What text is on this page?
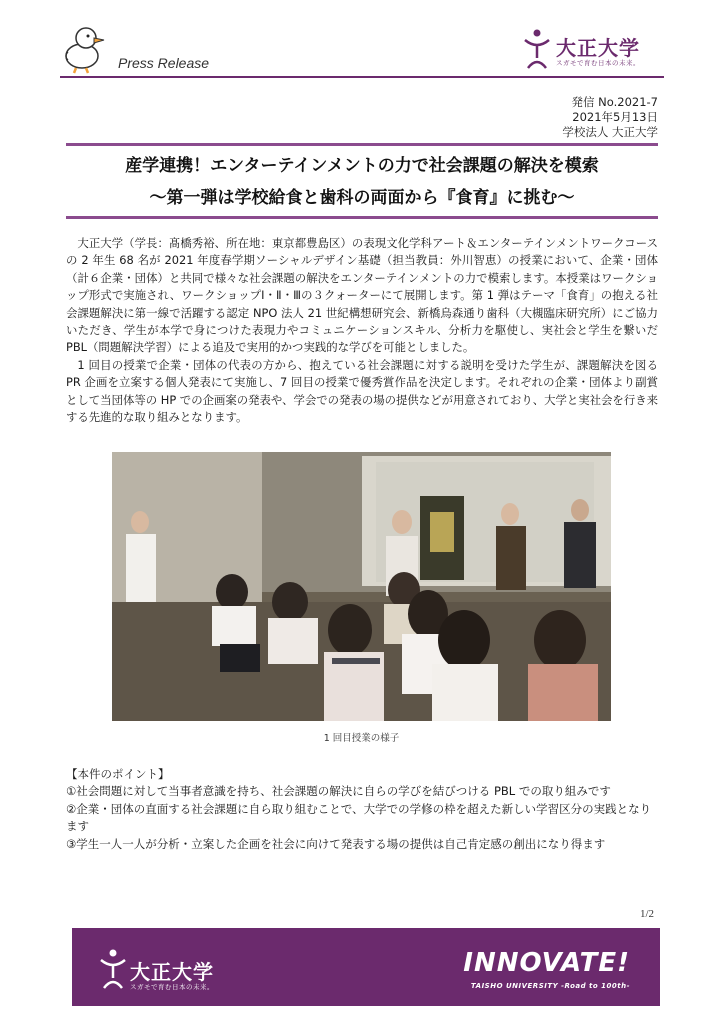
Press Release
大正大学
スガモで育む日本の未来。
発信 No.2021-7
2021年5月13日
学校法人 大正大学
産学連携！エンターテインメントの力で社会課題の解決を模索
～第一弾は学校給食と歯科の両面から『食育』に挑む～

大正大学（学長：髙橋秀裕、所在地：東京都豊島区）の表現文化学科アート＆エンターテインメントワークコースの 2 年生 68 名が 2021 年度春学期ソーシャルデザイン基礎（担当教員：外川智恵）の授業において、企業・団体（計６企業・団体）と共同で様々な社会課題の解決をエンターテインメントの力で模索します。本授業はワークショップ形式で実施され、ワークショップⅠ・Ⅱ・Ⅲの３クォーターにて展開します。第 1 弾はテーマ「食育」の抱える社会課題解決に第一線で活躍する認定 NPO 法人 21 世紀構想研究会、新橋烏森通り歯科（大槻臨床研究所）にご協力いただき、学生が本学で身につけた表現力やコミュニケーションスキル、分析力を駆使し、実社会と学生を繋いだ PBL（問題解決学習）による追及で実用的かつ実践的な学びを可能としました。

1 回目の授業で企業・団体の代表の方から、抱えている社会課題に対する説明を受けた学生が、課題解決を図る PR 企画を立案する個人発表にて実施し、7 回目の授業で優秀賞作品を決定します。それぞれの企業・団体より副賞として当団体等の HP での企画案の発表や、学会での発表の場の提供などが用意されており、大学と実社会を行き来する先進的な取り組みとなります。

1 回目授業の様子
【本件のポイント】
①社会問題に対して当事者意識を持ち、社会課題の解決に自らの学びを結びつける PBL での取り組みです
②企業・団体の直面する社会課題に自ら取り組むことで、大学での学修の枠を超えた新しい学習区分の実践となります
③学生一人一人が分析・立案した企画を社会に向けて発表する場の提供は自己肯定感の創出になり得ます
1/2
大正大学
スガモで育む日本の未来。
INNOVATE!
TAISHO UNIVERSITY -Road to 100th-
